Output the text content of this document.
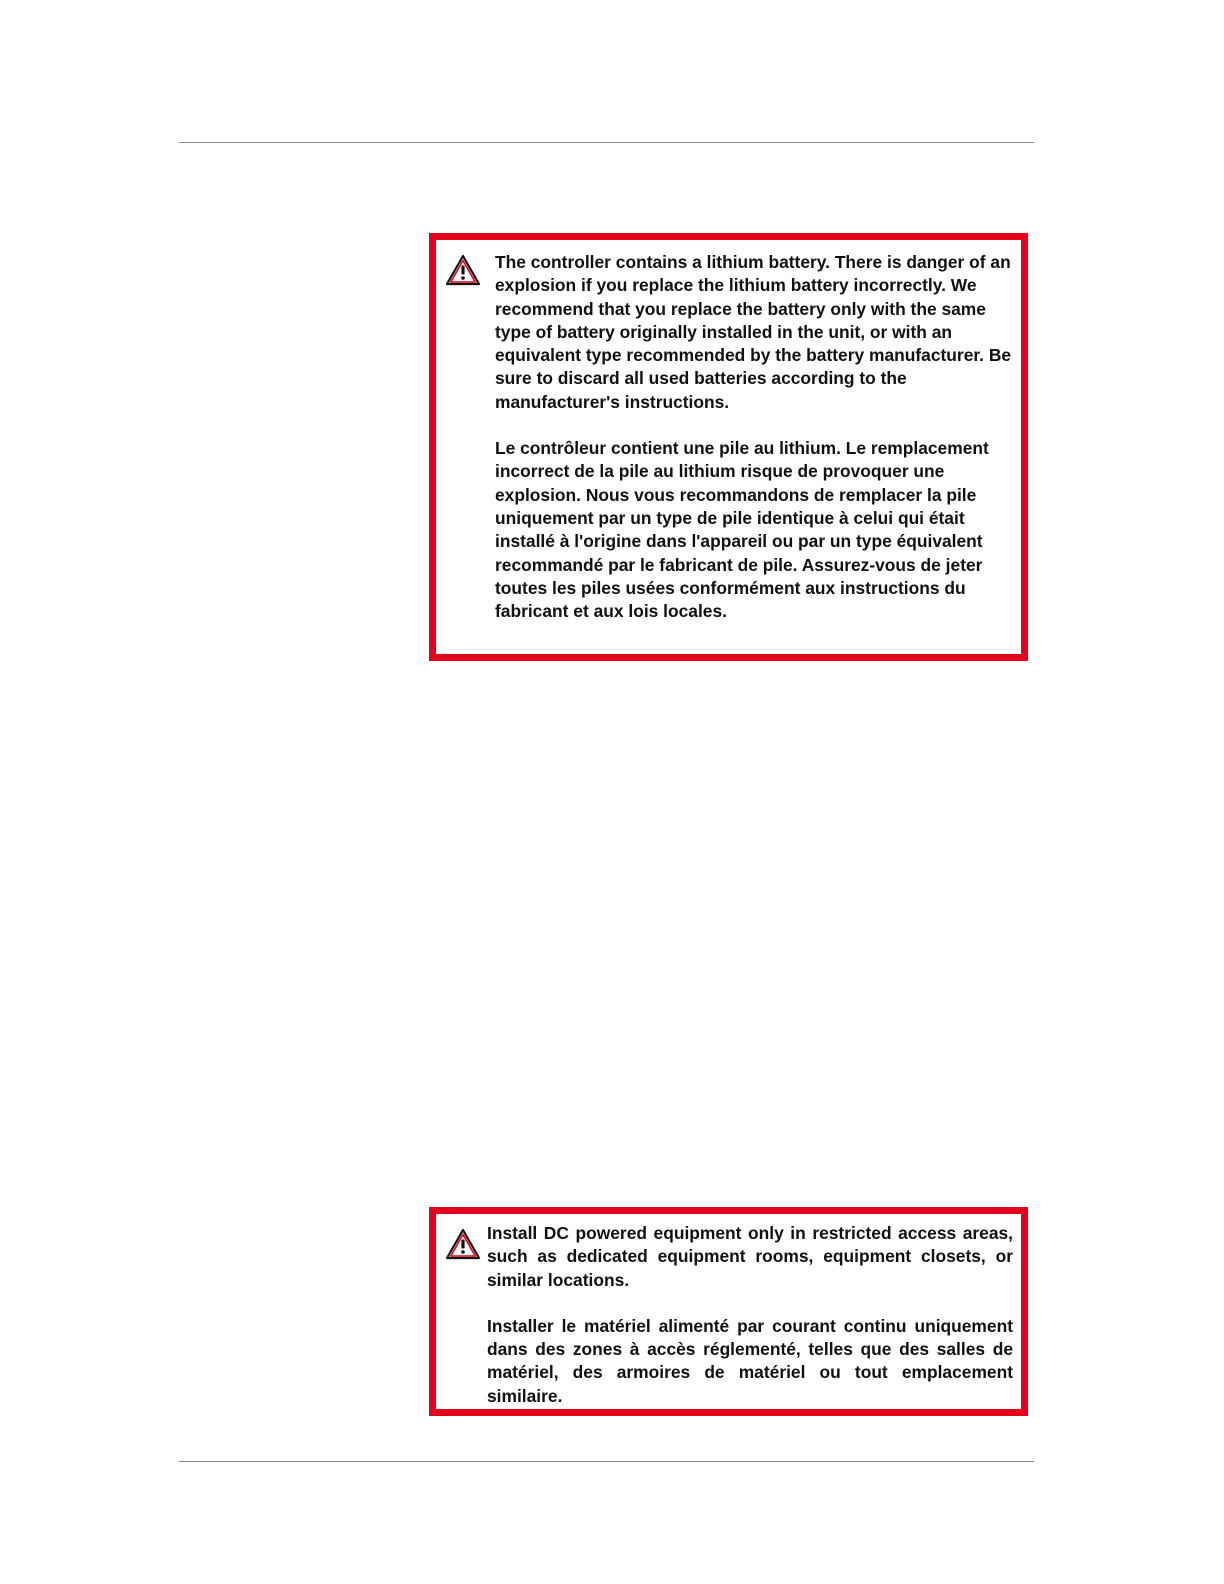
The controller contains a lithium battery. There is danger of an explosion if you replace the lithium battery incorrectly. We recommend that you replace the battery only with the same type of battery originally installed in the unit, or with an equivalent type recommended by the battery manufacturer. Be sure to discard all used batteries according to the manufacturer's instructions.

Le contrôleur contient une pile au lithium. Le remplacement incorrect de la pile au lithium risque de provoquer une explosion. Nous vous recommandons de remplacer la pile uniquement par un type de pile identique à celui qui était installé à l'origine dans l'appareil ou par un type équivalent recommandé par le fabricant de pile. Assurez-vous de jeter toutes les piles usées conformément aux instructions du fabricant et aux lois locales.

Install DC powered equipment only in restricted access areas, such as dedicated equipment rooms, equipment closets, or similar locations.

Installer le matériel alimenté par courant continu uniquement dans des zones à accès réglementé, telles que des salles de matériel, des armoires de matériel ou tout emplacement similaire.
